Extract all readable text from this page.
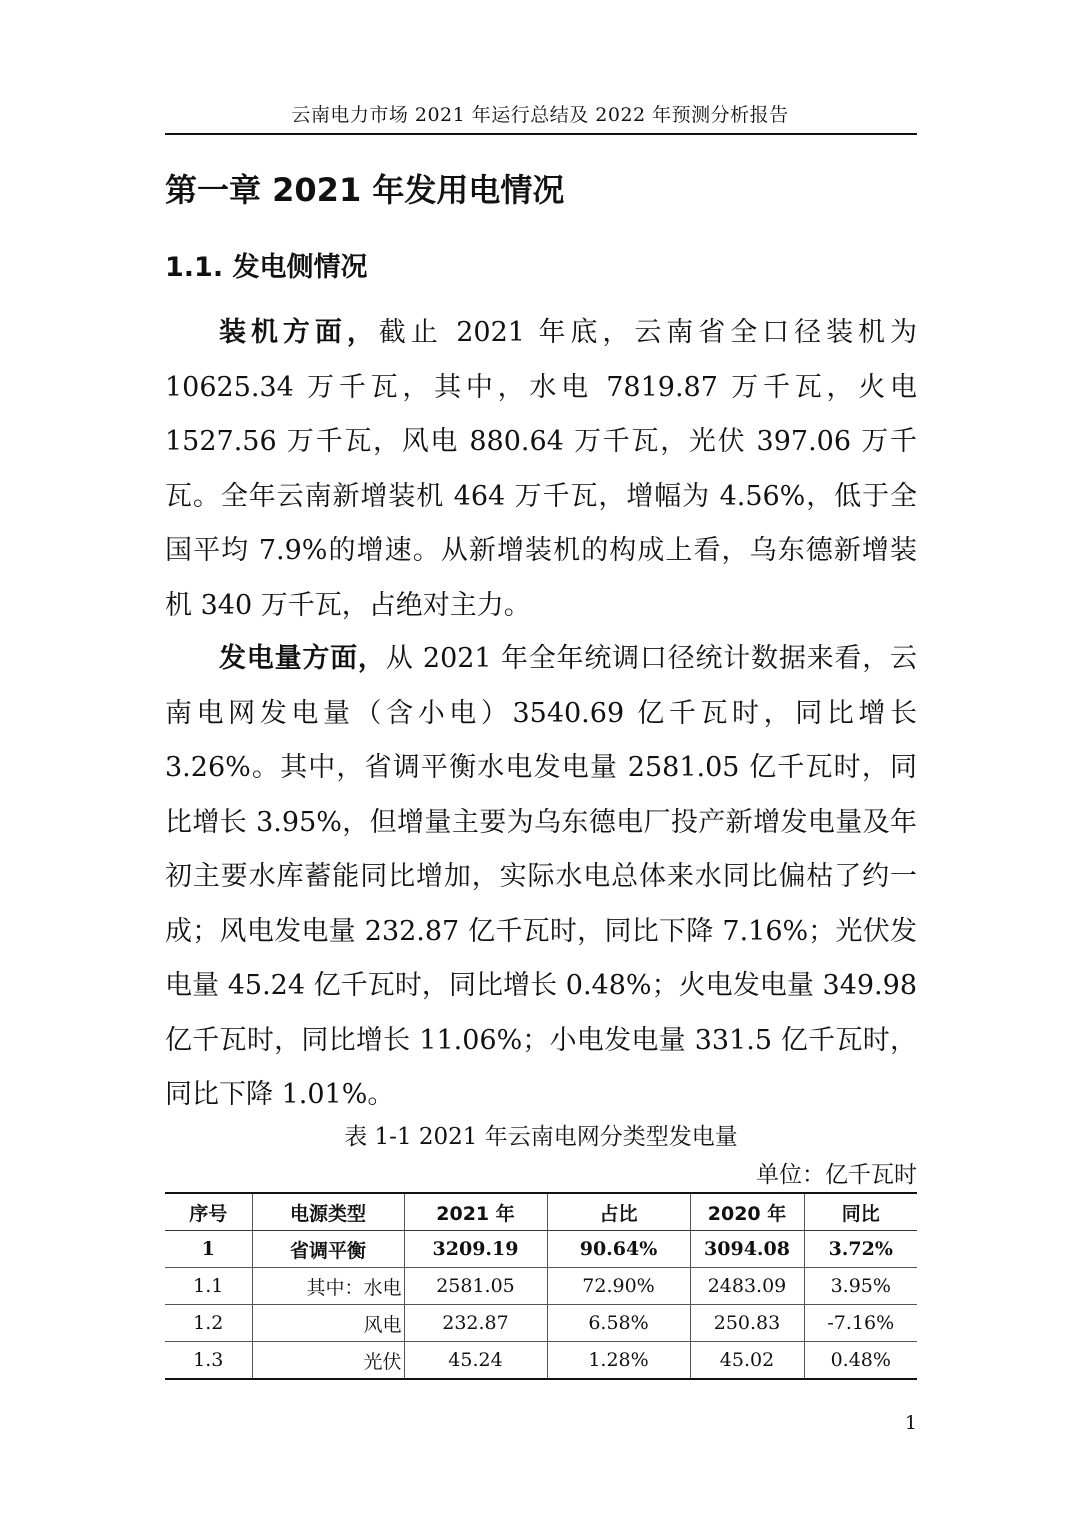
云南电力市场 2021 年运行总结及 2022 年预测分析报告
第一章 2021 年发用电情况
1.1. 发电侧情况

装机方面，截止 2021 年底，云南省全口径装机为 10625.34 万千瓦，其中，水电 7819.87 万千瓦，火电 1527.56 万千瓦，风电 880.64 万千瓦，光伏 397.06 万千瓦。全年云南新增装机 464 万千瓦，增幅为 4.56%，低于全国平均 7.9%的增速。从新增装机的构成上看，乌东德新增装机 340 万千瓦，占绝对主力。

发电量方面，从 2021 年全年统调口径统计数据来看，云南电网发电量（含小电）3540.69 亿千瓦时，同比增长 3.26%。其中，省调平衡水电发电量 2581.05 亿千瓦时，同比增长 3.95%，但增量主要为乌东德电厂投产新增发电量及年初主要水库蓄能同比增加，实际水电总体来水同比偏枯了约一成；风电发电量 232.87 亿千瓦时，同比下降 7.16%；光伏发电量 45.24 亿千瓦时，同比增长 0.48%；火电发电量 349.98 亿千瓦时，同比增长 11.06%；小电发电量 331.5 亿千瓦时，同比下降 1.01%。

表 1-1 2021 年云南电网分类型发电量
单位：亿千瓦时
序号	电源类型	2021 年	占比	2020 年	同比
1	省调平衡	3209.19	90.64%	3094.08	3.72%
1.1	其中：水电	2581.05	72.90%	2483.09	3.95%
1.2	风电	232.87	6.58%	250.83	-7.16%
1.3	光伏	45.24	1.28%	45.02	0.48%
1
